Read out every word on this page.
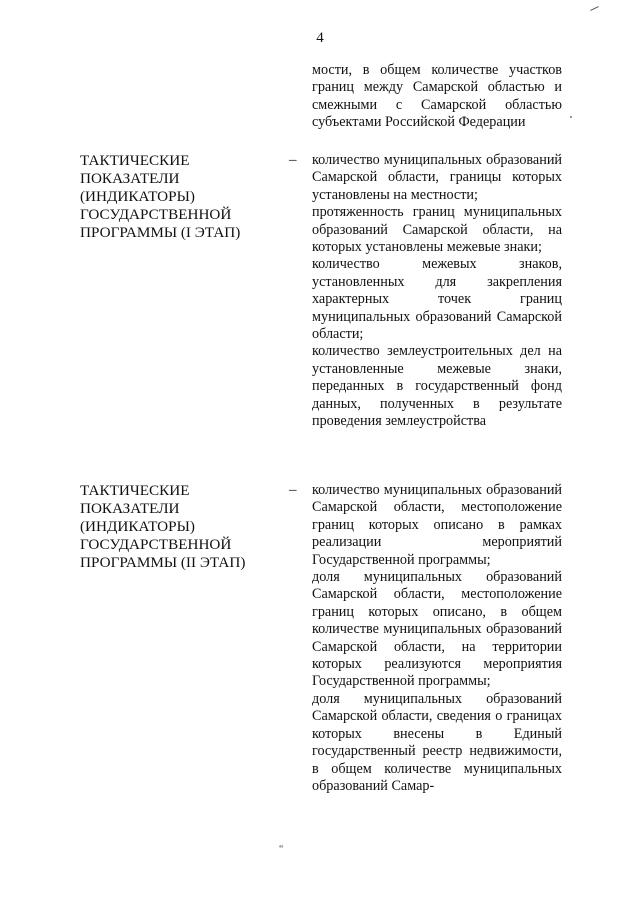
4
мости, в общем количестве участков границ между Самарской областью и смежными с Самарской областью субъектами Российской Федерации
ТАКТИЧЕСКИЕ
ПОКАЗАТЕЛИ
(ИНДИКАТОРЫ)
ГОСУДАРСТВЕННОЙ
ПРОГРАММЫ (I ЭТАП)
– количество муниципальных образований Самарской области, границы которых установлены на местности;
протяженность границ муниципальных образований Самарской области, на которых установлены межевые знаки;
количество межевых знаков, установленных для закрепления характерных точек границ муниципальных образований Самарской области;
количество землеустроительных дел на установленные межевые знаки, переданных в государственный фонд данных, полученных в результате проведения землеустройства
ТАКТИЧЕСКИЕ
ПОКАЗАТЕЛИ
(ИНДИКАТОРЫ)
ГОСУДАРСТВЕННОЙ
ПРОГРАММЫ (II ЭТАП)
– количество муниципальных образований Самарской области, местоположение границ которых описано в рамках реализации мероприятий Государственной программы;
доля муниципальных образований Самарской области, местоположение границ которых описано, в общем количестве муниципальных образований Самарской области, на территории которых реализуются мероприятия Государственной программы;
доля муниципальных образований Самарской области, сведения о границах которых внесены в Единый государственный реестр недвижимости, в общем количестве муниципальных образований Самар-
“
